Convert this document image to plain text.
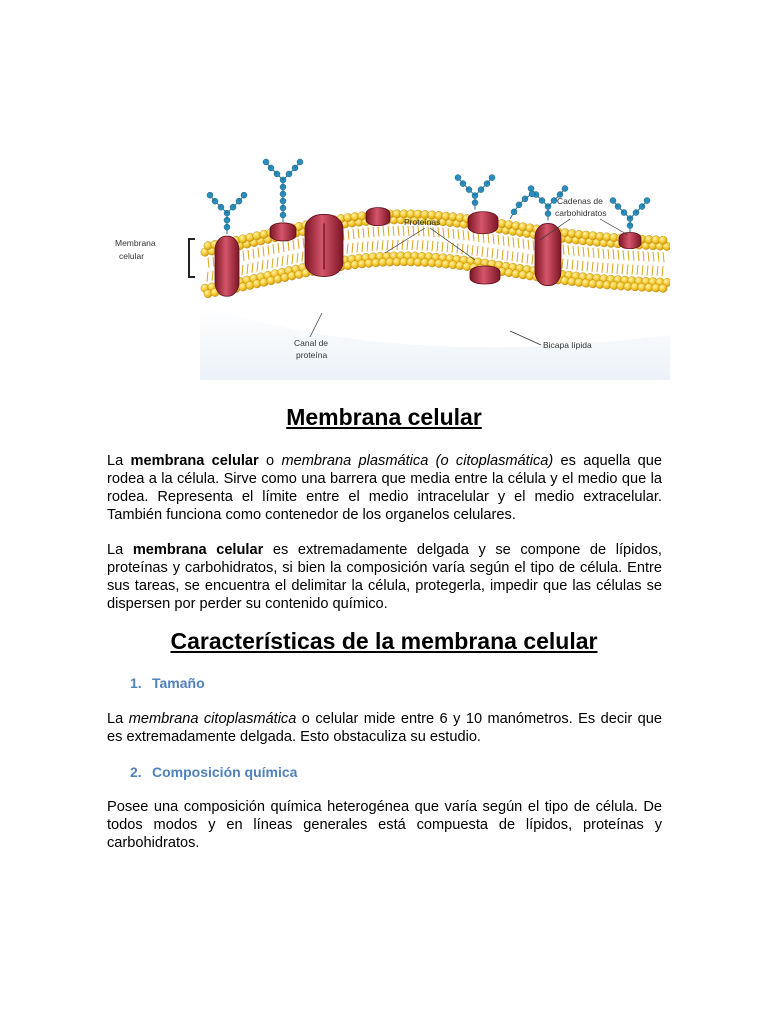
Membrana
celular
Proteínas
Cadenas de
carbohidratos
Canal de
proteína
Bicapa lípida
Membrana celular

La membrana celular o membrana plasmática (o citoplasmática) es aquella que rodea a la célula. Sirve como una barrera que media entre la célula y el medio que la rodea. Representa el límite entre el medio intracelular y el medio extracelular. También funciona como contenedor de los organelos celulares.

La membrana celular es extremadamente delgada y se compone de lípidos, proteínas y carbohidratos, si bien la composición varía según el tipo de célula. Entre sus tareas, se encuentra el delimitar la célula, protegerla, impedir que las células se dispersen por perder su contenido químico.

Características de la membrana celular

1. Tamaño

La membrana citoplasmática o celular mide entre 6 y 10 manómetros. Es decir que es extremadamente delgada. Esto obstaculiza su estudio.

2. Composición química

Posee una composición química heterogénea que varía según el tipo de célula. De todos modos y en líneas generales está compuesta de lípidos, proteínas y carbohidratos.
